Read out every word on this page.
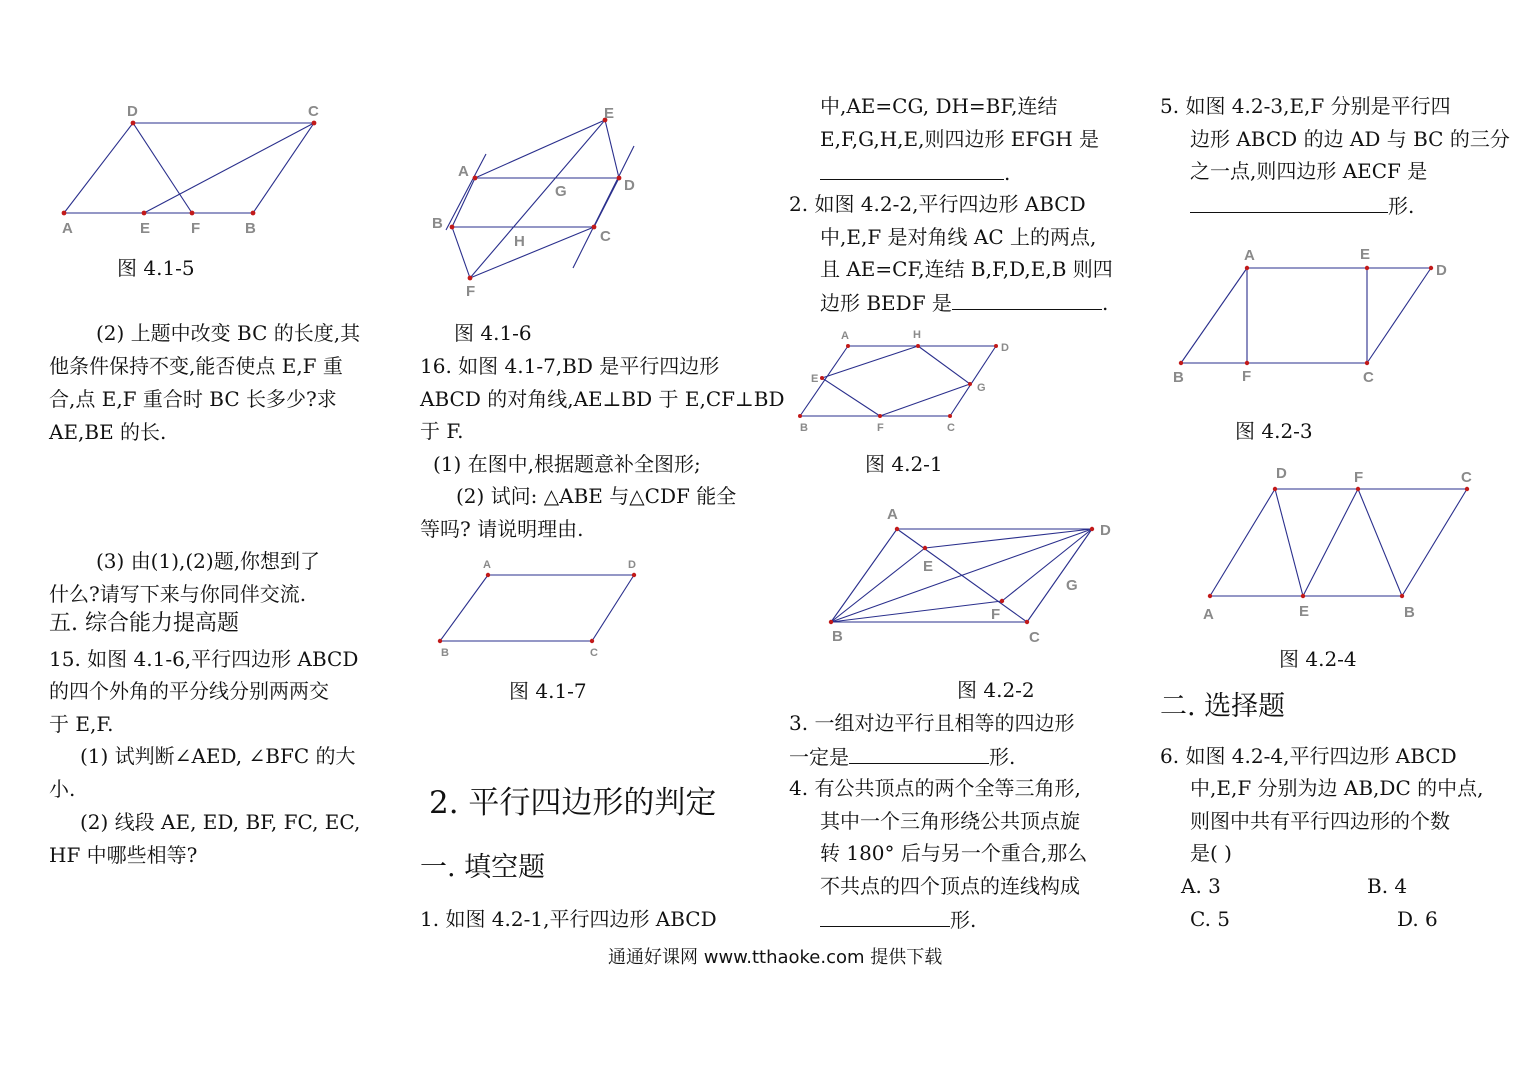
D	C
A	E	F	B
图 4.1-5
(2) 上题中改变 BC 的长度,其
他条件保持不变,能否使点 E,F 重
合,点 E,F 重合时 BC 长多少?求
AE,BE 的长.
(3) 由(1),(2)题,你想到了
什么?请写下来与你同伴交流.
五. 综合能力提高题
15. 如图 4.1-6,平行四边形 ABCD
的四个外角的平分线分别两两交
于 E,F.
(1) 试判断∠AED, ∠BFC 的大
小.
(2) 线段 AE, ED, BF, FC, EC,
HF 中哪些相等?
E
A
G	D
B
H	C
F
图 4.1-6
16. 如图 4.1-7,BD 是平行四边形
ABCD 的对角线,AE⊥BD 于 E,CF⊥BD
于 F.
(1) 在图中,根据题意补全图形;
(2) 试问: △ABE 与△CDF 能全
等吗? 请说明理由.
A	D
B	C
图 4.1-7
2. 平行四边形的判定
一. 填空题
1. 如图 4.2-1,平行四边形 ABCD
中,AE=CG, DH=BF,连结
E,F,G,H,E,则四边形 EFGH 是
.
2. 如图 4.2-2,平行四边形 ABCD
中,E,F 是对角线 AC 上的两点,
且 AE=CF,连结 B,F,D,E,B 则四
边形 BEDF 是	.
A	H
D
E
G
B	F	C
图 4.2-1
A
D
E
G
F
B	C
图 4.2-2
3. 一组对边平行且相等的四边形
一定是	形.
4. 有公共顶点的两个全等三角形,
其中一个三角形绕公共顶点旋
转 180° 后与另一个重合,那么
不共点的四个顶点的连线构成
形.
5. 如图 4.2-3,E,F 分别是平行四
边形 ABCD 的边 AD 与 BC 的三分
之一点,则四边形 AECF 是
形.
A	E
D
B	F	C
图 4.2-3
D	F	C
A	E	B
图 4.2-4
二. 选择题
6. 如图 4.2-4,平行四边形 ABCD
中,E,F 分别为边 AB,DC 的中点,
则图中共有平行四边形的个数
是( )
A. 3	B. 4
C. 5	D. 6
通通好课网 www.tthaoke.com 提供下载
